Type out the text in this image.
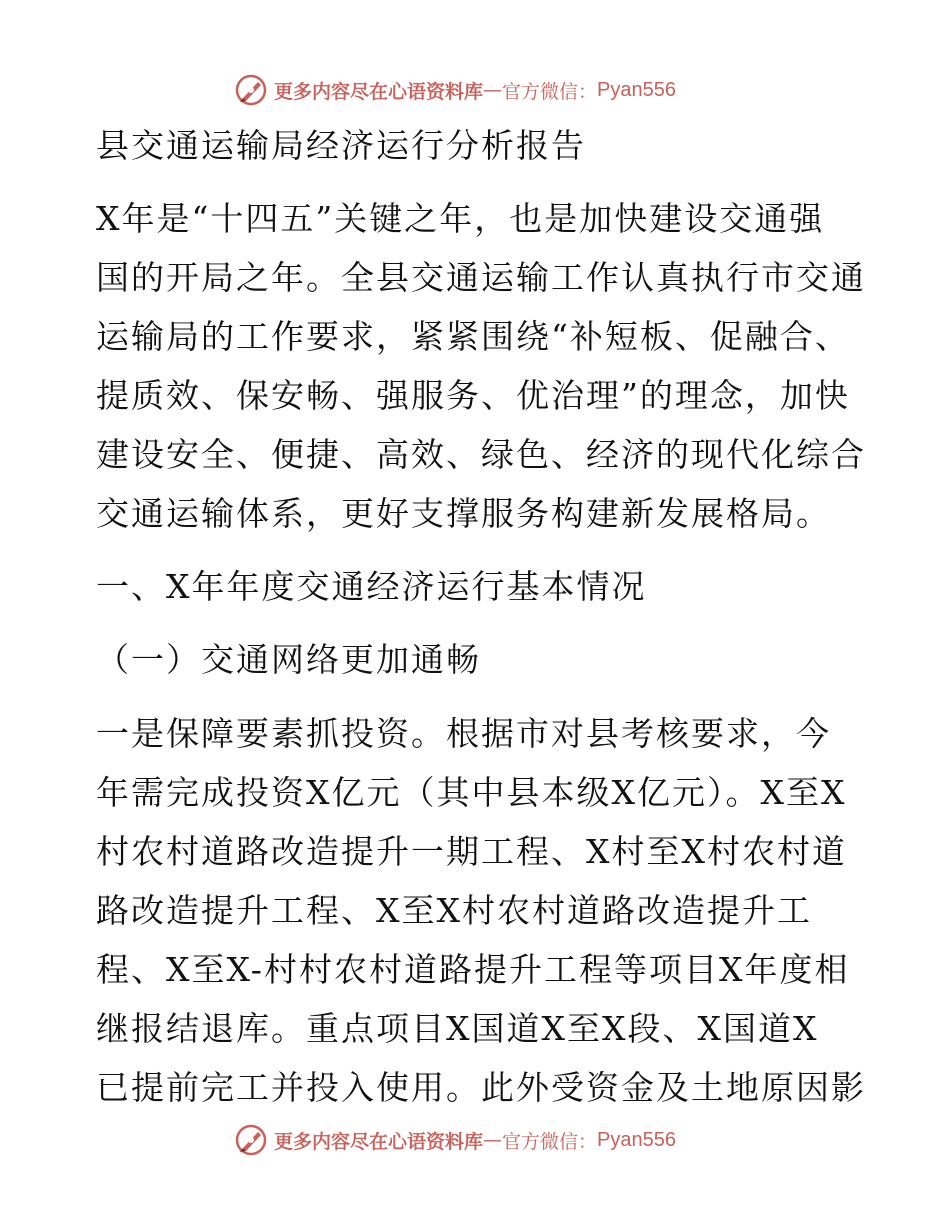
更多内容尽在心语资料库 — 官方微信： Pyan556
县交通运输局经济运行分析报告
X年是“十四五”关键之年，也是加快建设交通强
国的开局之年。全县交通运输工作认真执行市交通
运输局的工作要求，紧紧围绕“补短板、促融合、
提质效、保安畅、强服务、优治理”的理念，加快
建设安全、便捷、高效、绿色、经济的现代化综合
交通运输体系，更好支撑服务构建新发展格局。
一、X年年度交通经济运行基本情况
（一）交通网络更加通畅
一是保障要素抓投资。根据市对县考核要求，今
年需完成投资X亿元（其中县本级X亿元）。X至X
村农村道路改造提升一期工程、X村至X村农村道
路改造提升工程、X至X村农村道路改造提升工
程、X至X-村村农村道路提升工程等项目X年度相
继报结退库。重点项目X国道X至X段、X国道X
已提前完工并投入使用。此外受资金及土地原因影
更多内容尽在心语资料库 — 官方微信： Pyan556
